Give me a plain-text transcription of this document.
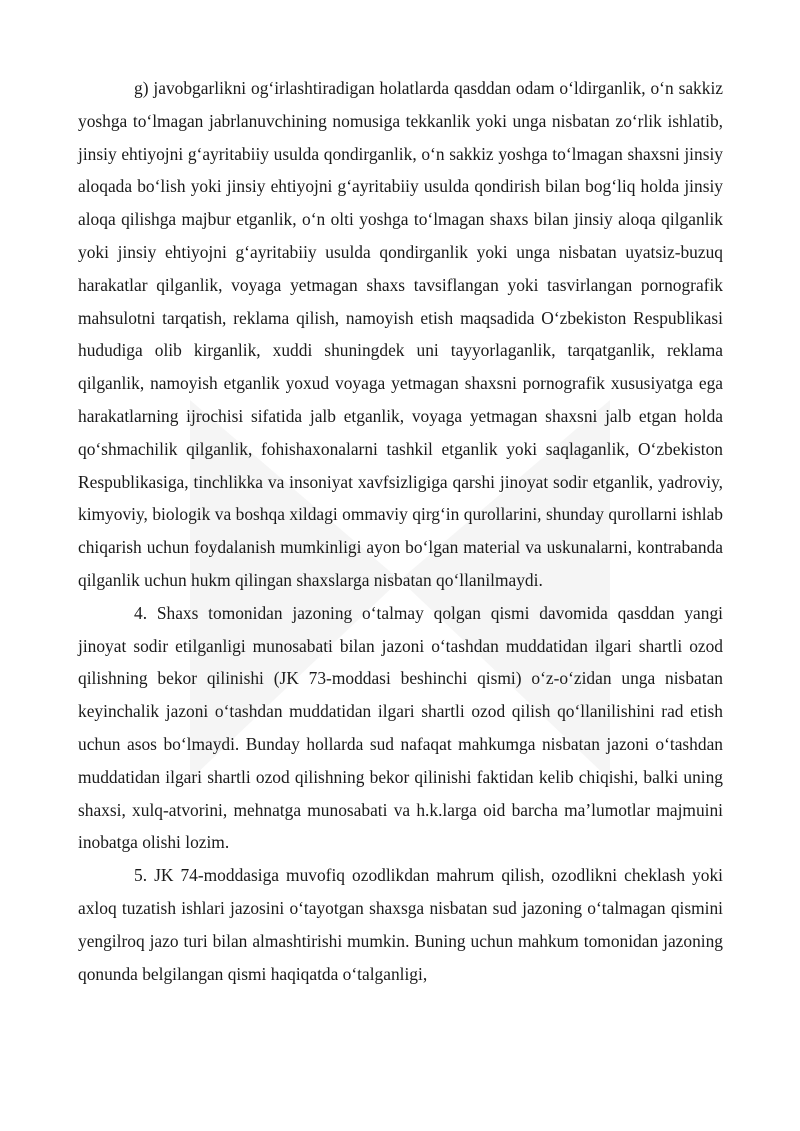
g) javobgarlikni og‘irlashtiradigan holatlarda qasddan odam o‘ldirganlik, o‘n sakkiz yoshga to‘lmagan jabrlanuvchining nomusiga tekkanlik yoki unga nisbatan zo‘rlik ishlatib, jinsiy ehtiyojni g‘ayritabiiy usulda qondirganlik, o‘n sakkiz yoshga to‘lmagan shaxsni jinsiy aloqada bo‘lish yoki jinsiy ehtiyojni g‘ayritabiiy usulda qondirish bilan bog‘liq holda jinsiy aloqa qilishga majbur etganlik, o‘n olti yoshga to‘lmagan shaxs bilan jinsiy aloqa qilganlik yoki jinsiy ehtiyojni g‘ayritabiiy usulda qondirganlik yoki unga nisbatan uyatsiz-buzuq harakatlar qilganlik, voyaga yetmagan shaxs tavsiflangan yoki tasvirlangan pornografik mahsulotni tarqatish, reklama qilish, namoyish etish maqsadida O‘zbekiston Respublikasi hududiga olib kirganlik, xuddi shuningdek uni tayyorlaganlik, tarqatganlik, reklama qilganlik, namoyish etganlik yoxud voyaga yetmagan shaxsni pornografik xususiyatga ega harakatlarning ijrochisi sifatida jalb etganlik, voyaga yetmagan shaxsni jalb etgan holda qo‘shmachilik qilganlik, fohishaxonalarni tashkil etganlik yoki saqlaganlik, O‘zbekiston Respublikasiga, tinchlikka va insoniyat xavfsizligiga qarshi jinoyat sodir etganlik, yadroviy, kimyoviy, biologik va boshqa xildagi ommaviy qirg‘in qurollarini, shunday qurollarni ishlab chiqarish uchun foydalanish mumkinligi ayon bo‘lgan material va uskunalarni, kontrabanda qilganlik uchun hukm qilingan shaxslarga nisbatan qo‘llanilmaydi.

4. Shaxs tomonidan jazoning o‘talmay qolgan qismi davomida qasddan yangi jinoyat sodir etilganligi munosabati bilan jazoni o‘tashdan muddatidan ilgari shartli ozod qilishning bekor qilinishi (JK 73-moddasi beshinchi qismi) o‘z-o‘zidan unga nisbatan keyinchalik jazoni o‘tashdan muddatidan ilgari shartli ozod qilish qo‘llanilishini rad etish uchun asos bo‘lmaydi. Bunday hollarda sud nafaqat mahkumga nisbatan jazoni o‘tashdan muddatidan ilgari shartli ozod qilishning bekor qilinishi faktidan kelib chiqishi, balki uning shaxsi, xulq-atvorini, mehnatga munosabati va h.k.larga oid barcha ma’lumotlar majmuini inobatga olishi lozim.

5. JK 74-moddasiga muvofiq ozodlikdan mahrum qilish, ozodlikni cheklash yoki axloq tuzatish ishlari jazosini o‘tayotgan shaxsga nisbatan sud jazoning o‘talmagan qismini yengilroq jazo turi bilan almashtirishi mumkin. Buning uchun mahkum tomonidan jazoning qonunda belgilangan qismi haqiqatda o‘talganligi,
